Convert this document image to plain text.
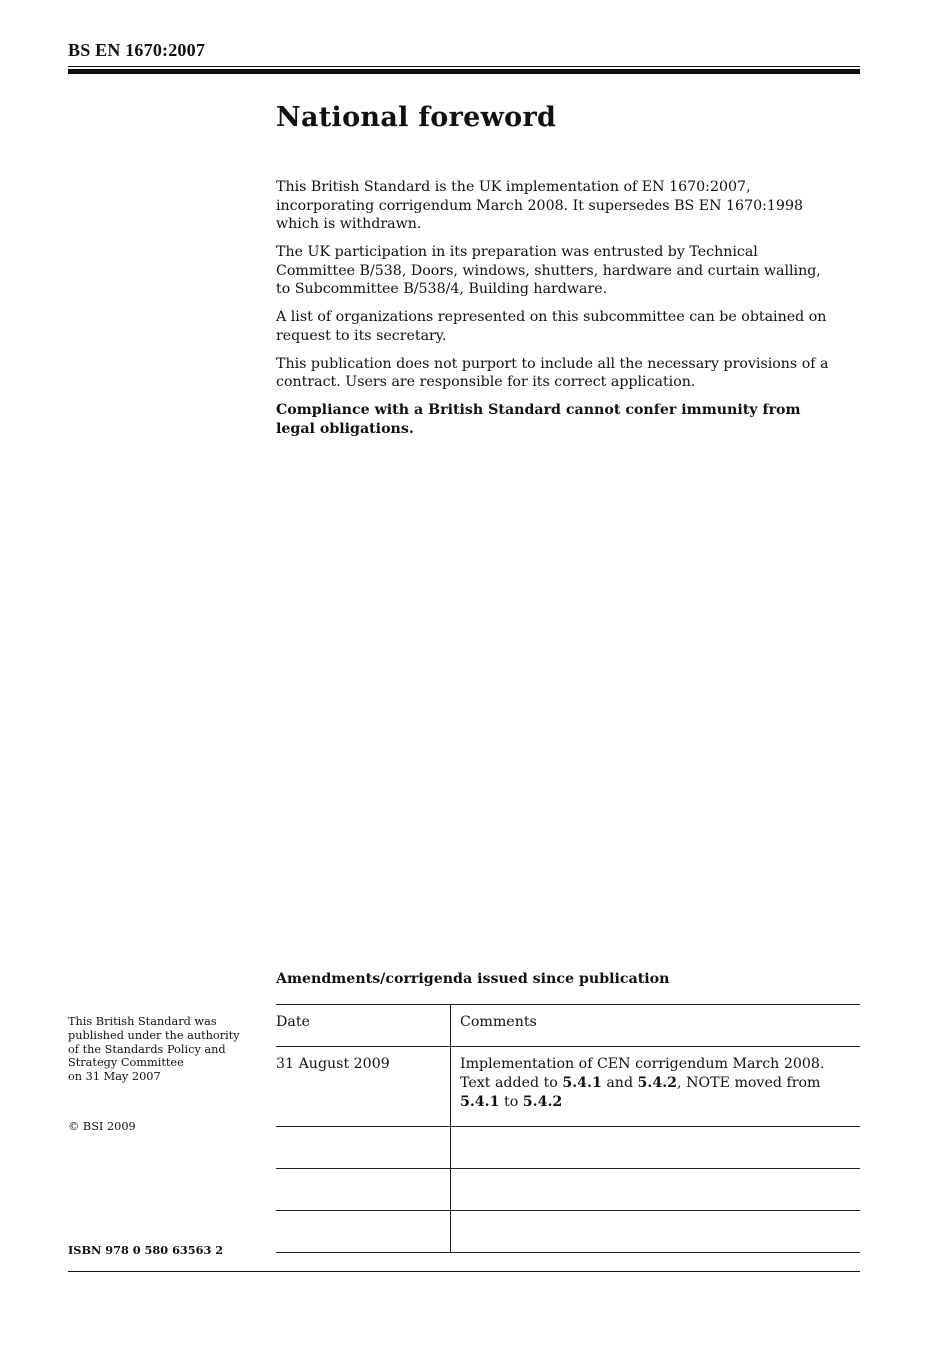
BS EN 1670:2007
National foreword

This British Standard is the UK implementation of EN 1670:2007, incorporating corrigendum March 2008. It supersedes BS EN 1670:1998 which is withdrawn.

The UK participation in its preparation was entrusted by Technical Committee B/538, Doors, windows, shutters, hardware and curtain walling, to Subcommittee B/538/4, Building hardware.

A list of organizations represented on this subcommittee can be obtained on request to its secretary.

This publication does not purport to include all the necessary provisions of a contract. Users are responsible for its correct application.

Compliance with a British Standard cannot confer immunity from legal obligations.

Amendments/corrigenda issued since publication
Date	Comments
31 August 2009	Implementation of CEN corrigendum March 2008.
Text added to 5.4.1 and 5.4.2, NOTE moved from
5.4.1 to 5.4.2

This British Standard was
published under the authority
of the Standards Policy and
Strategy Committee
on 31 May 2007
© BSI 2009
ISBN 978 0 580 63563 2
